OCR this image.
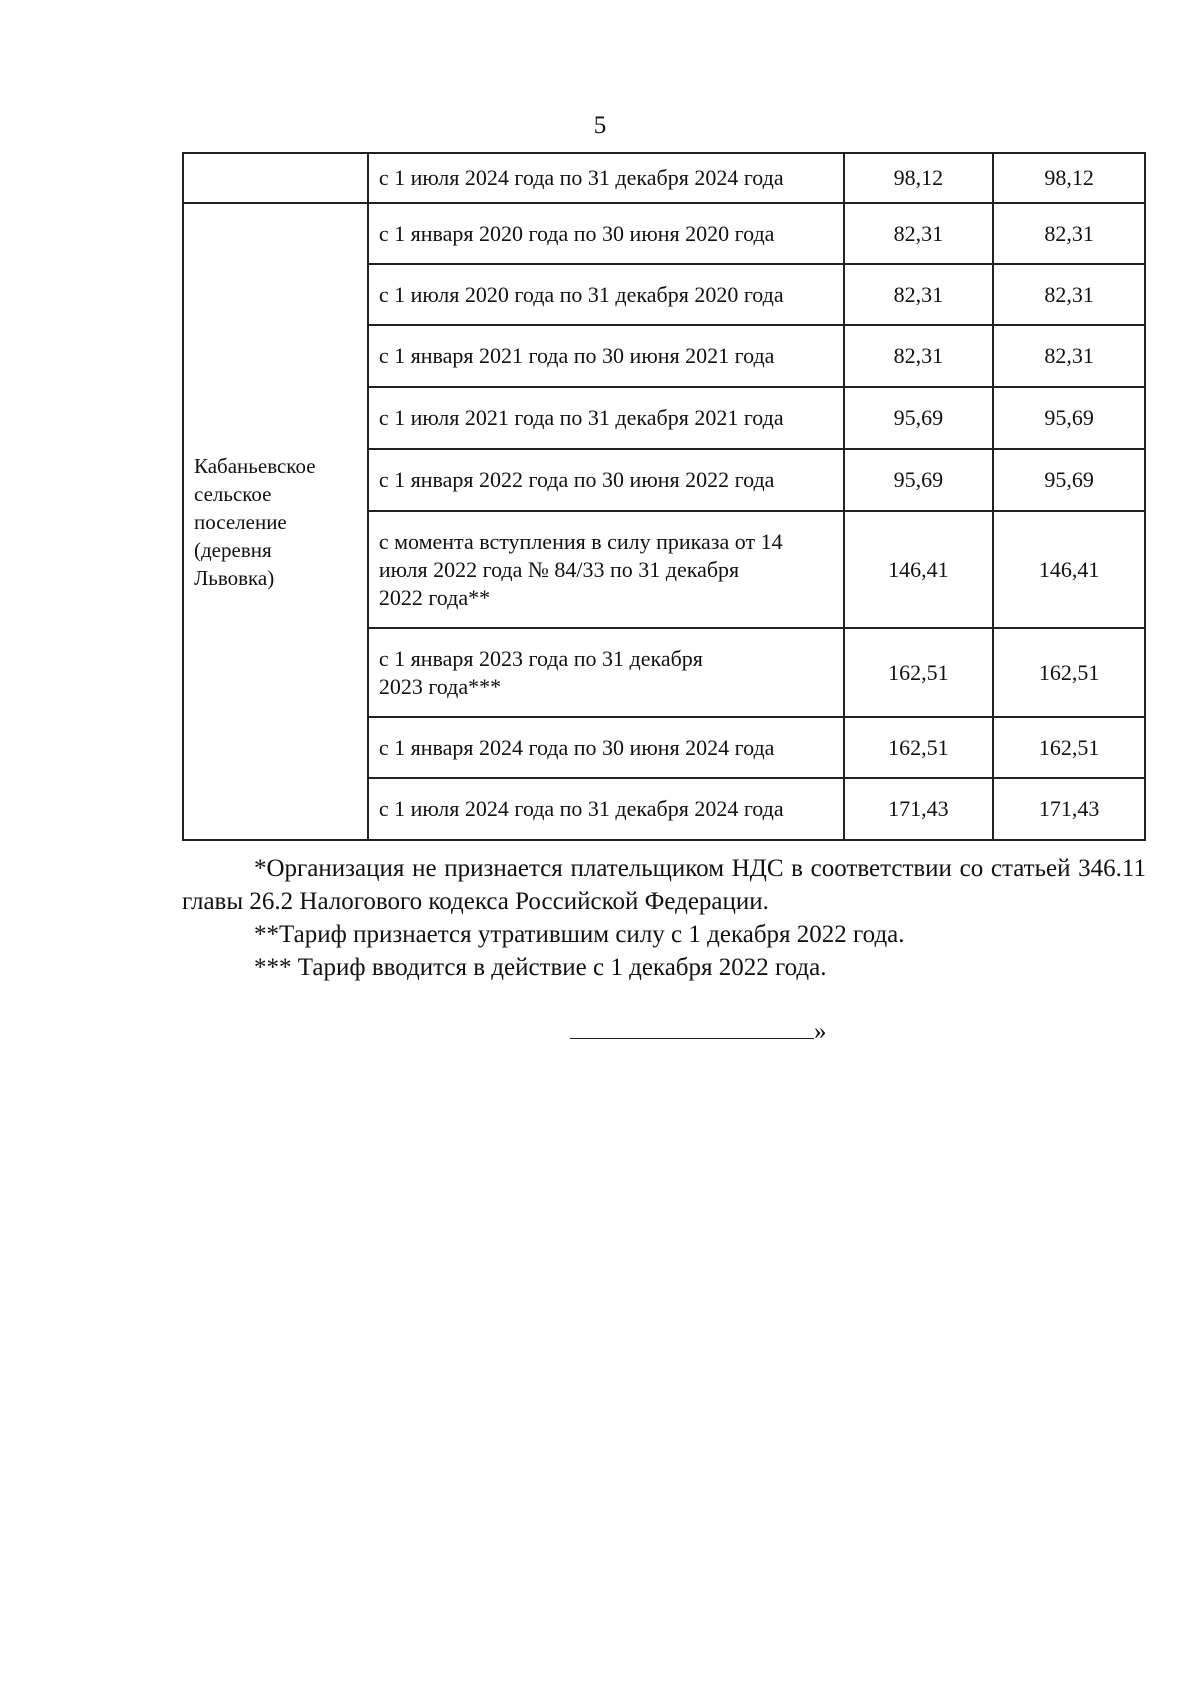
5
	с 1 июля 2024 года по 31 декабря 2024 года	98,12	98,12

Кабаньевское
сельское
поселение
(деревня
Львовка)	с 1 января 2020 года по 30 июня 2020 года	82,31	82,31
	с 1 июля 2020 года по 31 декабря 2020 года	82,31	82,31
	с 1 января 2021 года по 30 июня 2021 года	82,31	82,31
	с 1 июля 2021 года по 31 декабря 2021 года	95,69	95,69
	с 1 января 2022 года по 30 июня 2022 года	95,69	95,69

	с момента вступления в силу приказа от 14
июля 2022 года № 84/33 по 31 декабря
2022 года**	146,41	146,41

	с 1 января 2023 года по 31 декабря
2023 года***	162,51	162,51
	с 1 января 2024 года по 30 июня 2024 года	162,51	162,51
	с 1 июля 2024 года по 31 декабря 2024 года	171,43	171,43

*Организация не признается плательщиком НДС в соответствии со статьей 346.11 главы 26.2 Налогового кодекса Российской Федерации.

**Тариф признается утратившим силу с 1 декабря 2022 года.

*** Тариф вводится в действие с 1 декабря 2022 года.

»
